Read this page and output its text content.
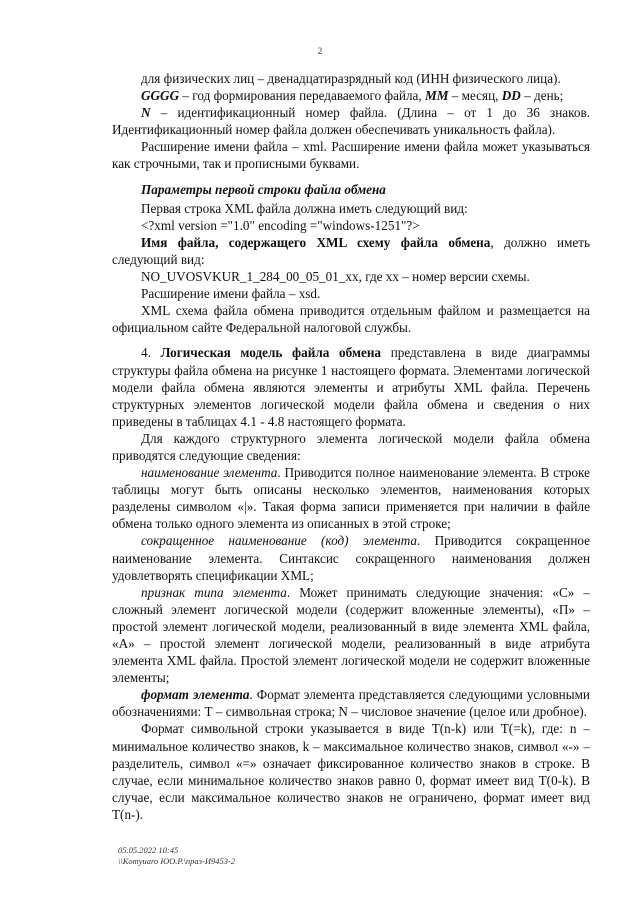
2

для физических лиц – двенадцатиразрядный код (ИНН физического лица).

GGGG – год формирования передаваемого файла, MM – месяц, DD – день;

N – идентификационный номер файла. (Длина – от 1 до 36 знаков. Идентификационный номер файла должен обеспечивать уникальность файла).

Расширение имени файла – xml. Расширение имени файла может указываться как строчными, так и прописными буквами.

Параметры первой строки файла обмена

Первая строка XML файла должна иметь следующий вид:

<?xml version ="1.0" encoding ="windows-1251"?>

Имя файла, содержащего XML схему файла обмена, должно иметь следующий вид:

NO_UVOSVKUR_1_284_00_05_01_xx, где xx – номер версии схемы.

Расширение имени файла – xsd.

XML схема файла обмена приводится отдельным файлом и размещается на официальном сайте Федеральной налоговой службы.

4. Логическая модель файла обмена представлена в виде диаграммы структуры файла обмена на рисунке 1 настоящего формата. Элементами логической модели файла обмена являются элементы и атрибуты XML файла. Перечень структурных элементов логической модели файла обмена и сведения о них приведены в таблицах 4.1 - 4.8 настоящего формата.

Для каждого структурного элемента логической модели файла обмена приводятся следующие сведения:

наименование элемента. Приводится полное наименование элемента. В строке таблицы могут быть описаны несколько элементов, наименования которых разделены символом «|». Такая форма записи применяется при наличии в файле обмена только одного элемента из описанных в этой строке;

сокращенное наименование (код) элемента. Приводится сокращенное наименование элемента. Синтаксис сокращенного наименования должен удовлетворять спецификации XML;

признак типа элемента. Может принимать следующие значения: «С» – сложный элемент логической модели (содержит вложенные элементы), «П» – простой элемент логической модели, реализованный в виде элемента XML файла, «А» – простой элемент логической модели, реализованный в виде атрибута элемента XML файла. Простой элемент логической модели не содержит вложенные элементы;

формат элемента. Формат элемента представляется следующими условными обозначениями: Т – символьная строка; N – числовое значение (целое или дробное).

Формат символьной строки указывается в виде T(n-k) или T(=k), где: n – минимальное количество знаков, k – максимальное количество знаков, символ «-» – разделитель, символ «=» означает фиксированное количество знаков в строке. В случае, если минимальное количество знаков равно 0, формат имеет вид T(0-k). В случае, если максимальное количество знаков не ограничено, формат имеет вид T(n-).

05.05.2022 10:45
\\Komyuaro ЮО.P.\npaз-И9453-2
